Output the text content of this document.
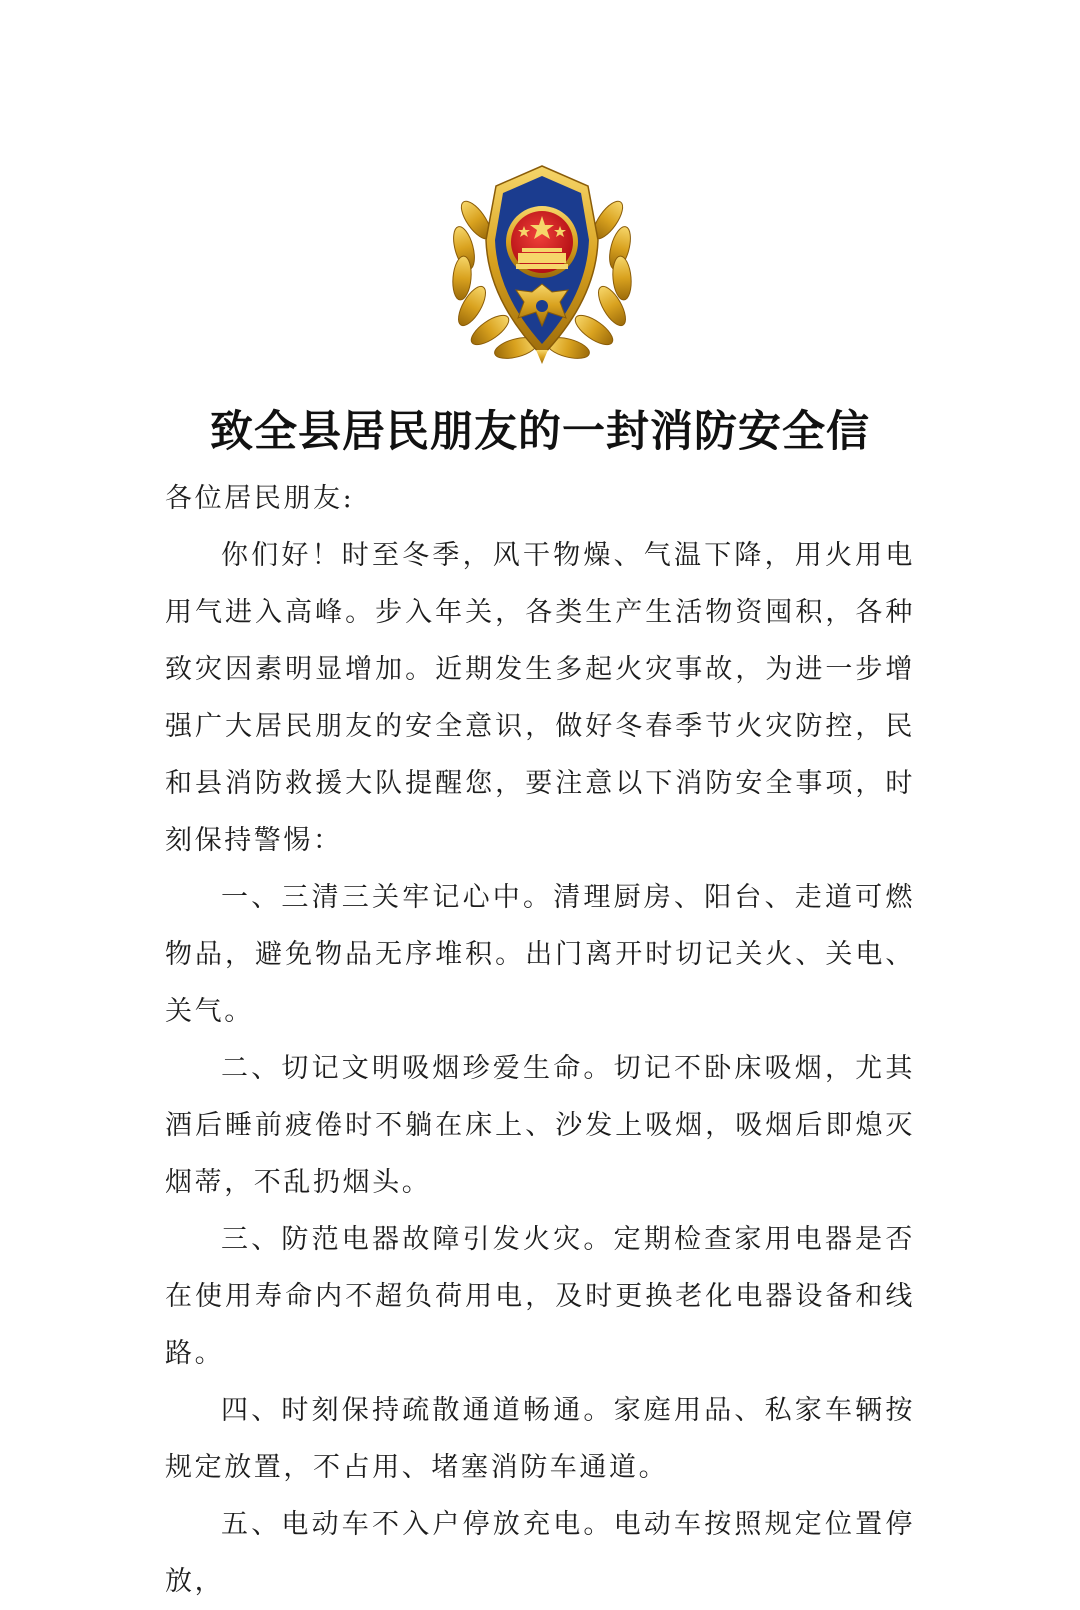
致全县居民朋友的一封消防安全信

各位居民朋友:

你们好！时至冬季，风干物燥、气温下降，用火用电用气进入高峰。步入年关，各类生产生活物资囤积，各种致灾因素明显增加。近期发生多起火灾事故，为进一步增强广大居民朋友的安全意识，做好冬春季节火灾防控，民和县消防救援大队提醒您，要注意以下消防安全事项，时刻保持警惕：

一、三清三关牢记心中。清理厨房、阳台、走道可燃物品，避免物品无序堆积。出门离开时切记关火、关电、关气。

二、切记文明吸烟珍爱生命。切记不卧床吸烟，尤其酒后睡前疲倦时不躺在床上、沙发上吸烟，吸烟后即熄灭烟蒂，不乱扔烟头。

三、防范电器故障引发火灾。定期检查家用电器是否在使用寿命内不超负荷用电，及时更换老化电器设备和线路。

四、时刻保持疏散通道畅通。家庭用品、私家车辆按规定放置，不占用、堵塞消防车通道。

五、电动车不入户停放充电。电动车按照规定位置停放，
